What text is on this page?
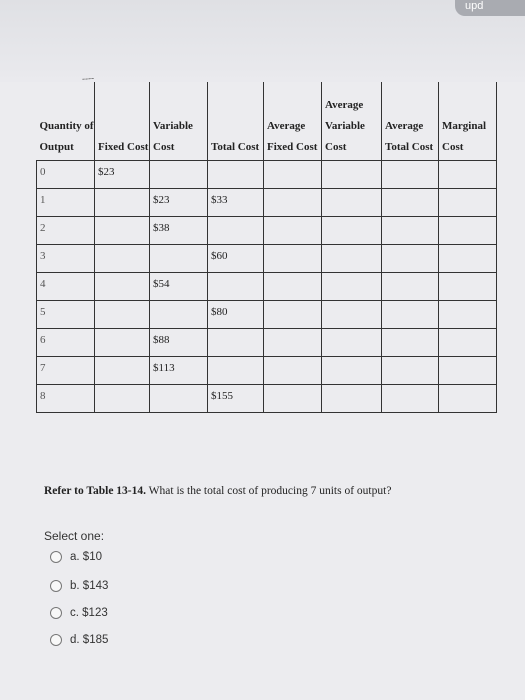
upd
-‐-‐
Quantity of Output	Fixed Cost	Variable Cost	Total Cost	Average Fixed Cost	Average Variable Cost	Average Total Cost	Marginal Cost
0	$23						
1		$23	$33				
2		$38					
3			$60				
4		$54					
5			$80				
6		$88					
7		$113					
8			$155				
Refer to Table 13-14. What is the total cost of producing 7 units of output?
Select one:
a.
$10
b.
$143
c.
$123
d.
$185
